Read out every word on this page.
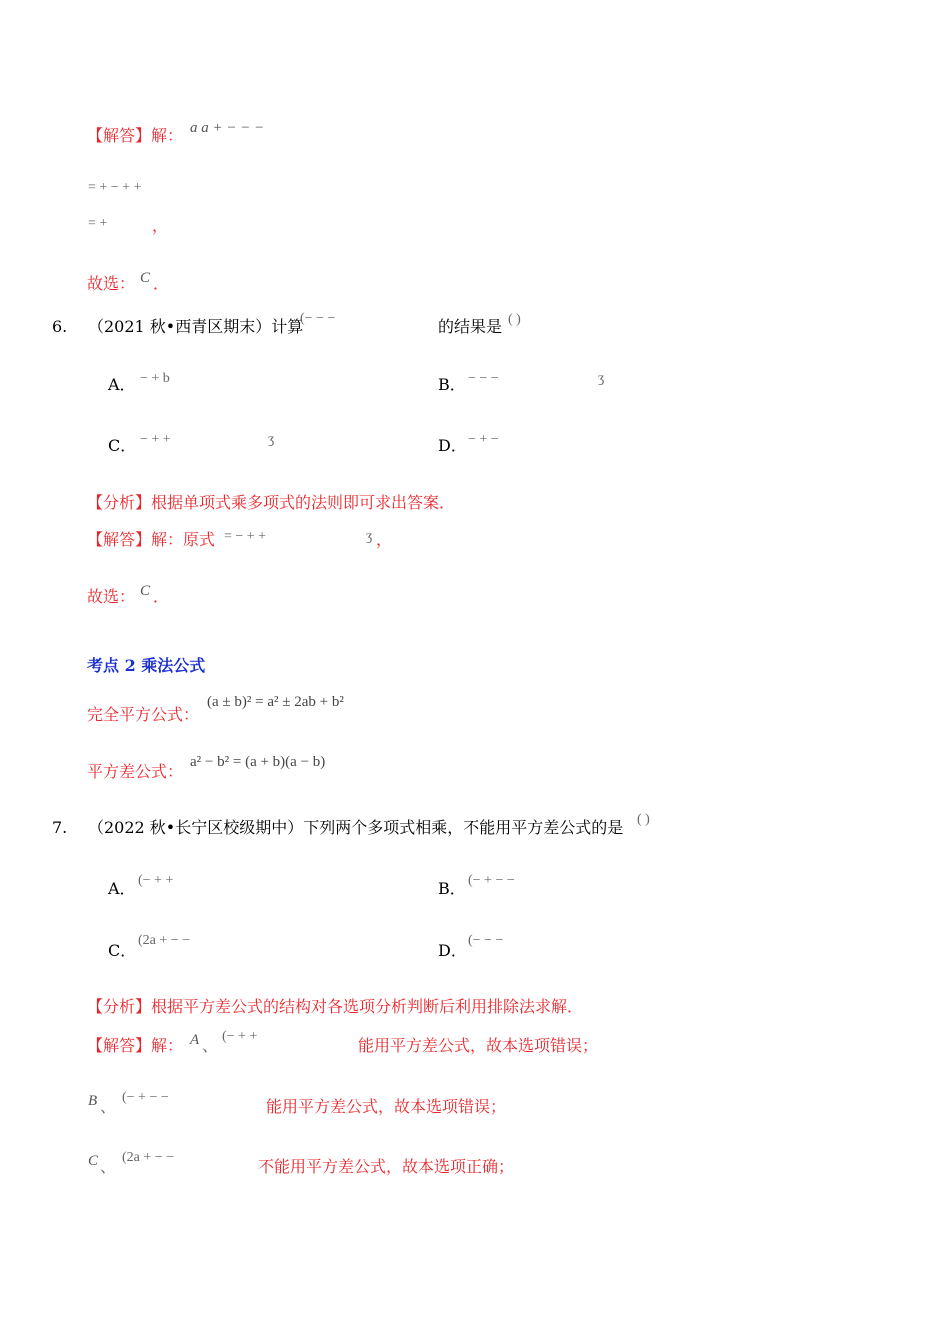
【解答】解： a a + − − −
= + − + +
= +	，
故选： C ．
6. （2021 秋•西青区期末）计算
(− − −	的结果是 ( )
A． − + b	B． − − −	ʒ
C． − + +	ʒ	D． − + −
【分析】根据单项式乘多项式的法则即可求出答案．
【解答】解：原式 = − + +	ʒ ，
故选： C ．
考点 2 乘法公式
完全平方公式：
(a ± b)² = a² ± 2ab + b²
平方差公式： a² − b² = (a + b)(a − b)
7. （2022 秋•长宁区校级期中）下列两个多项式相乘，不能用平方差公式的是 ( )
A． (− + +	B． (− + − −
C．
(2a + − −
D．
(− − −
【分析】根据平方差公式的结构对各选项分析判断后利用排除法求解．
【解答】解： A 、 (− + +	能用平方差公式，故本选项错误；
B 、 (− + − −	能用平方差公式，故本选项错误；
C 、 (2a + − −	不能用平方差公式，故本选项正确；
